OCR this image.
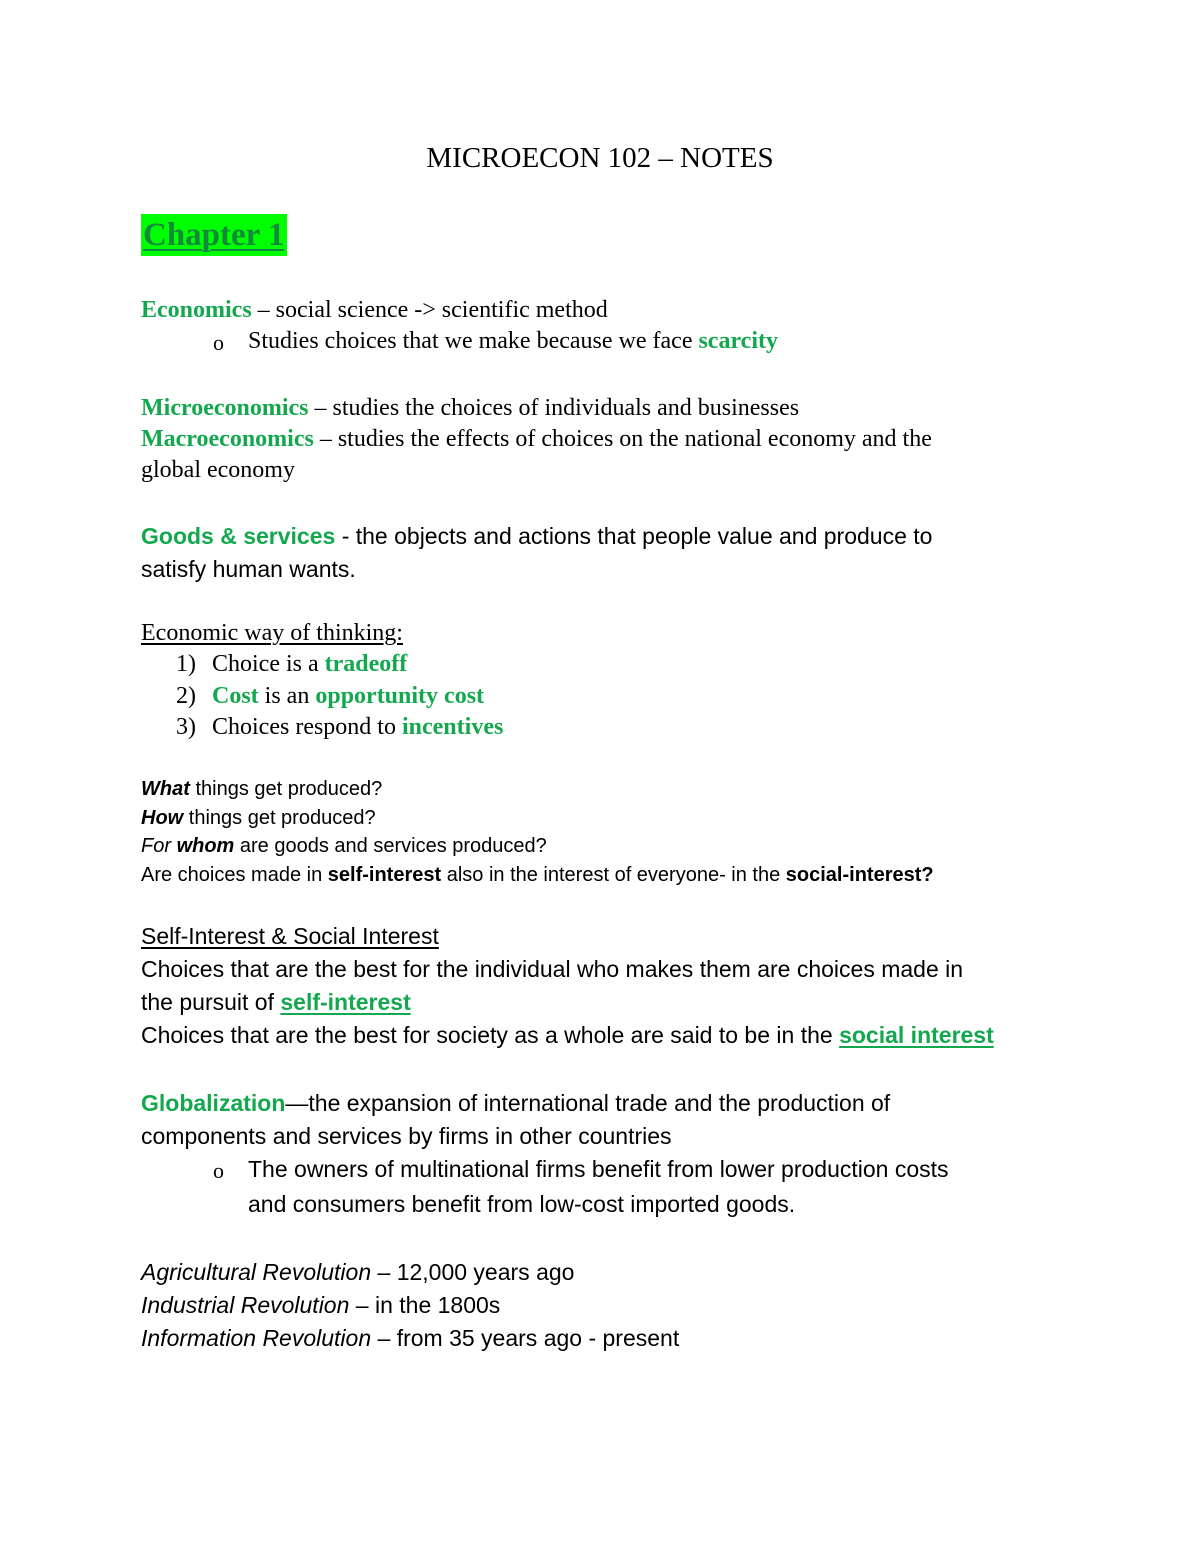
MICROECON 102 – NOTES
Chapter 1
Economics – social science -> scientific method
o Studies choices that we make because we face scarcity
Microeconomics – studies the choices of individuals and businesses
Macroeconomics – studies the effects of choices on the national economy and the
global economy
Goods & services - the objects and actions that people value and produce to
satisfy human wants.
Economic way of thinking:
1) Choice is a tradeoff
2) Cost is an opportunity cost
3) Choices respond to incentives
What things get produced?
How things get produced?
For whom are goods and services produced?
Are choices made in self-interest also in the interest of everyone- in the social-interest?
Self-Interest & Social Interest
Choices that are the best for the individual who makes them are choices made in
the pursuit of self-interest
Choices that are the best for society as a whole are said to be in the social interest
Globalization—the expansion of international trade and the production of
components and services by firms in other countries
o The owners of multinational firms benefit from lower production costs
and consumers benefit from low-cost imported goods.
Agricultural Revolution – 12,000 years ago
Industrial Revolution – in the 1800s
Information Revolution – from 35 years ago - present
